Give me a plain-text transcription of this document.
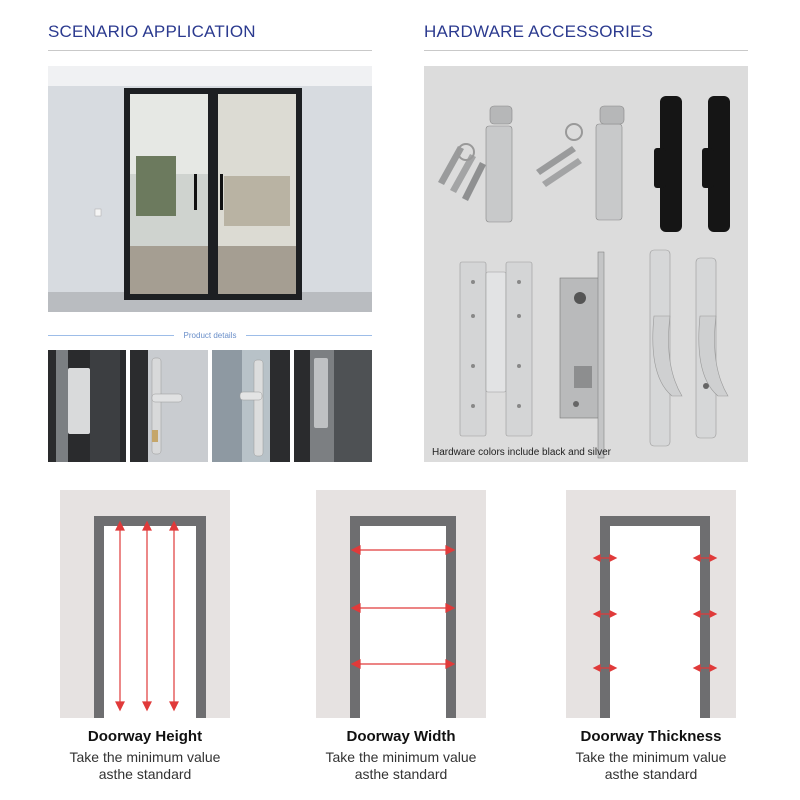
SCENARIO APPLICATION	HARDWARE ACCESSORIES
Product details
Hardware colors include black and silver
Doorway Height
Take the minimum value
asthe standard
Doorway Width
Take the minimum value
asthe standard
Doorway Thickness
Take the minimum value
asthe standard
